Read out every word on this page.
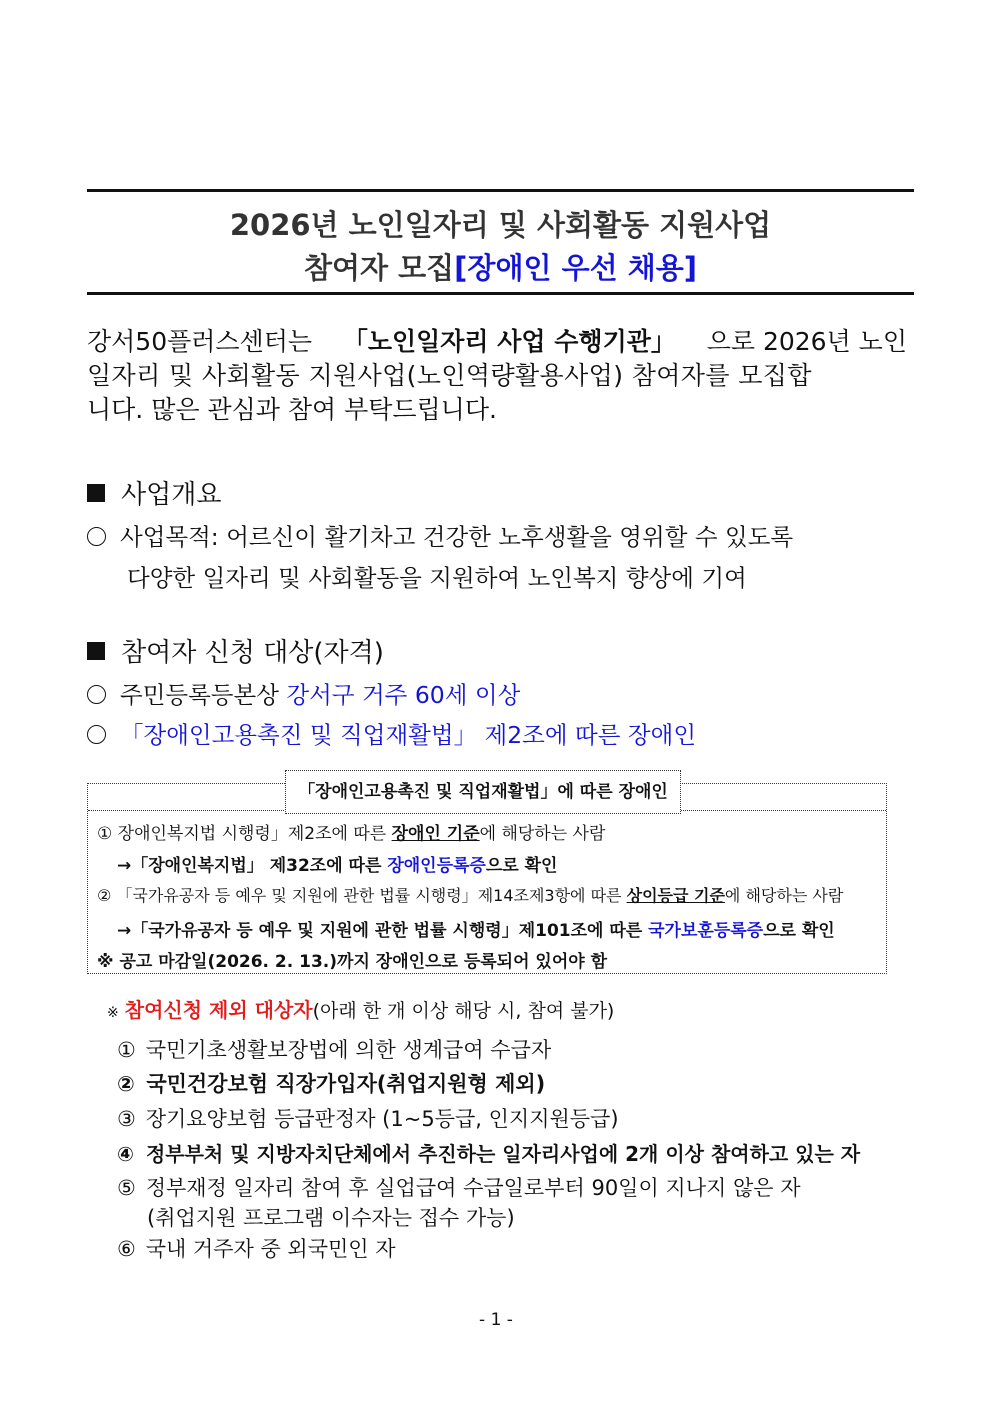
2026년 노인일자리 및 사회활동 지원사업
참여자 모집[장애인 우선 채용]
강서50플러스센터는 「노인일자리 사업 수행기관」 으로 2026년 노인
일자리 및 사회활동 지원사업(노인역량활용사업) 참여자를 모집합
니다. 많은 관심과 참여 부탁드립니다.
사업개요
사업목적: 어르신이 활기차고 건강한 노후생활을 영위할 수 있도록
다양한 일자리 및 사회활동을 지원하여 노인복지 향상에 기여
참여자 신청 대상(자격)
주민등록등본상 강서구 거주 60세 이상
「장애인고용촉진 및 직업재활법」 제2조에 따른 장애인
「장애인고용촉진 및 직업재활법」에 따른 장애인
① 장애인복지법 시행령」제2조에 따른 장애인 기준에 해당하는 사람
→「장애인복지법」 제32조에 따른 장애인등록증으로 확인
② 「국가유공자 등 예우 및 지원에 관한 법률 시행령」제14조제3항에 따른 상이등급 기준에 해당하는 사람
→「국가유공자 등 예우 및 지원에 관한 법률 시행령」제101조에 따른 국가보훈등록증으로 확인
※ 공고 마감일(2026. 2. 13.)까지 장애인으로 등록되어 있어야 함
※ 참여신청 제외 대상자(아래 한 개 이상 해당 시, 참여 불가)
① 국민기초생활보장법에 의한 생계급여 수급자
② 국민건강보험 직장가입자(취업지원형 제외)
③ 장기요양보험 등급판정자 (1~5등급, 인지지원등급)
④ 정부부처 및 지방자치단체에서 추진하는 일자리사업에 2개 이상 참여하고 있는 자
⑤ 정부재정 일자리 참여 후 실업급여 수급일로부터 90일이 지나지 않은 자
(취업지원 프로그램 이수자는 접수 가능)
⑥ 국내 거주자 중 외국민인 자
- 1 -
